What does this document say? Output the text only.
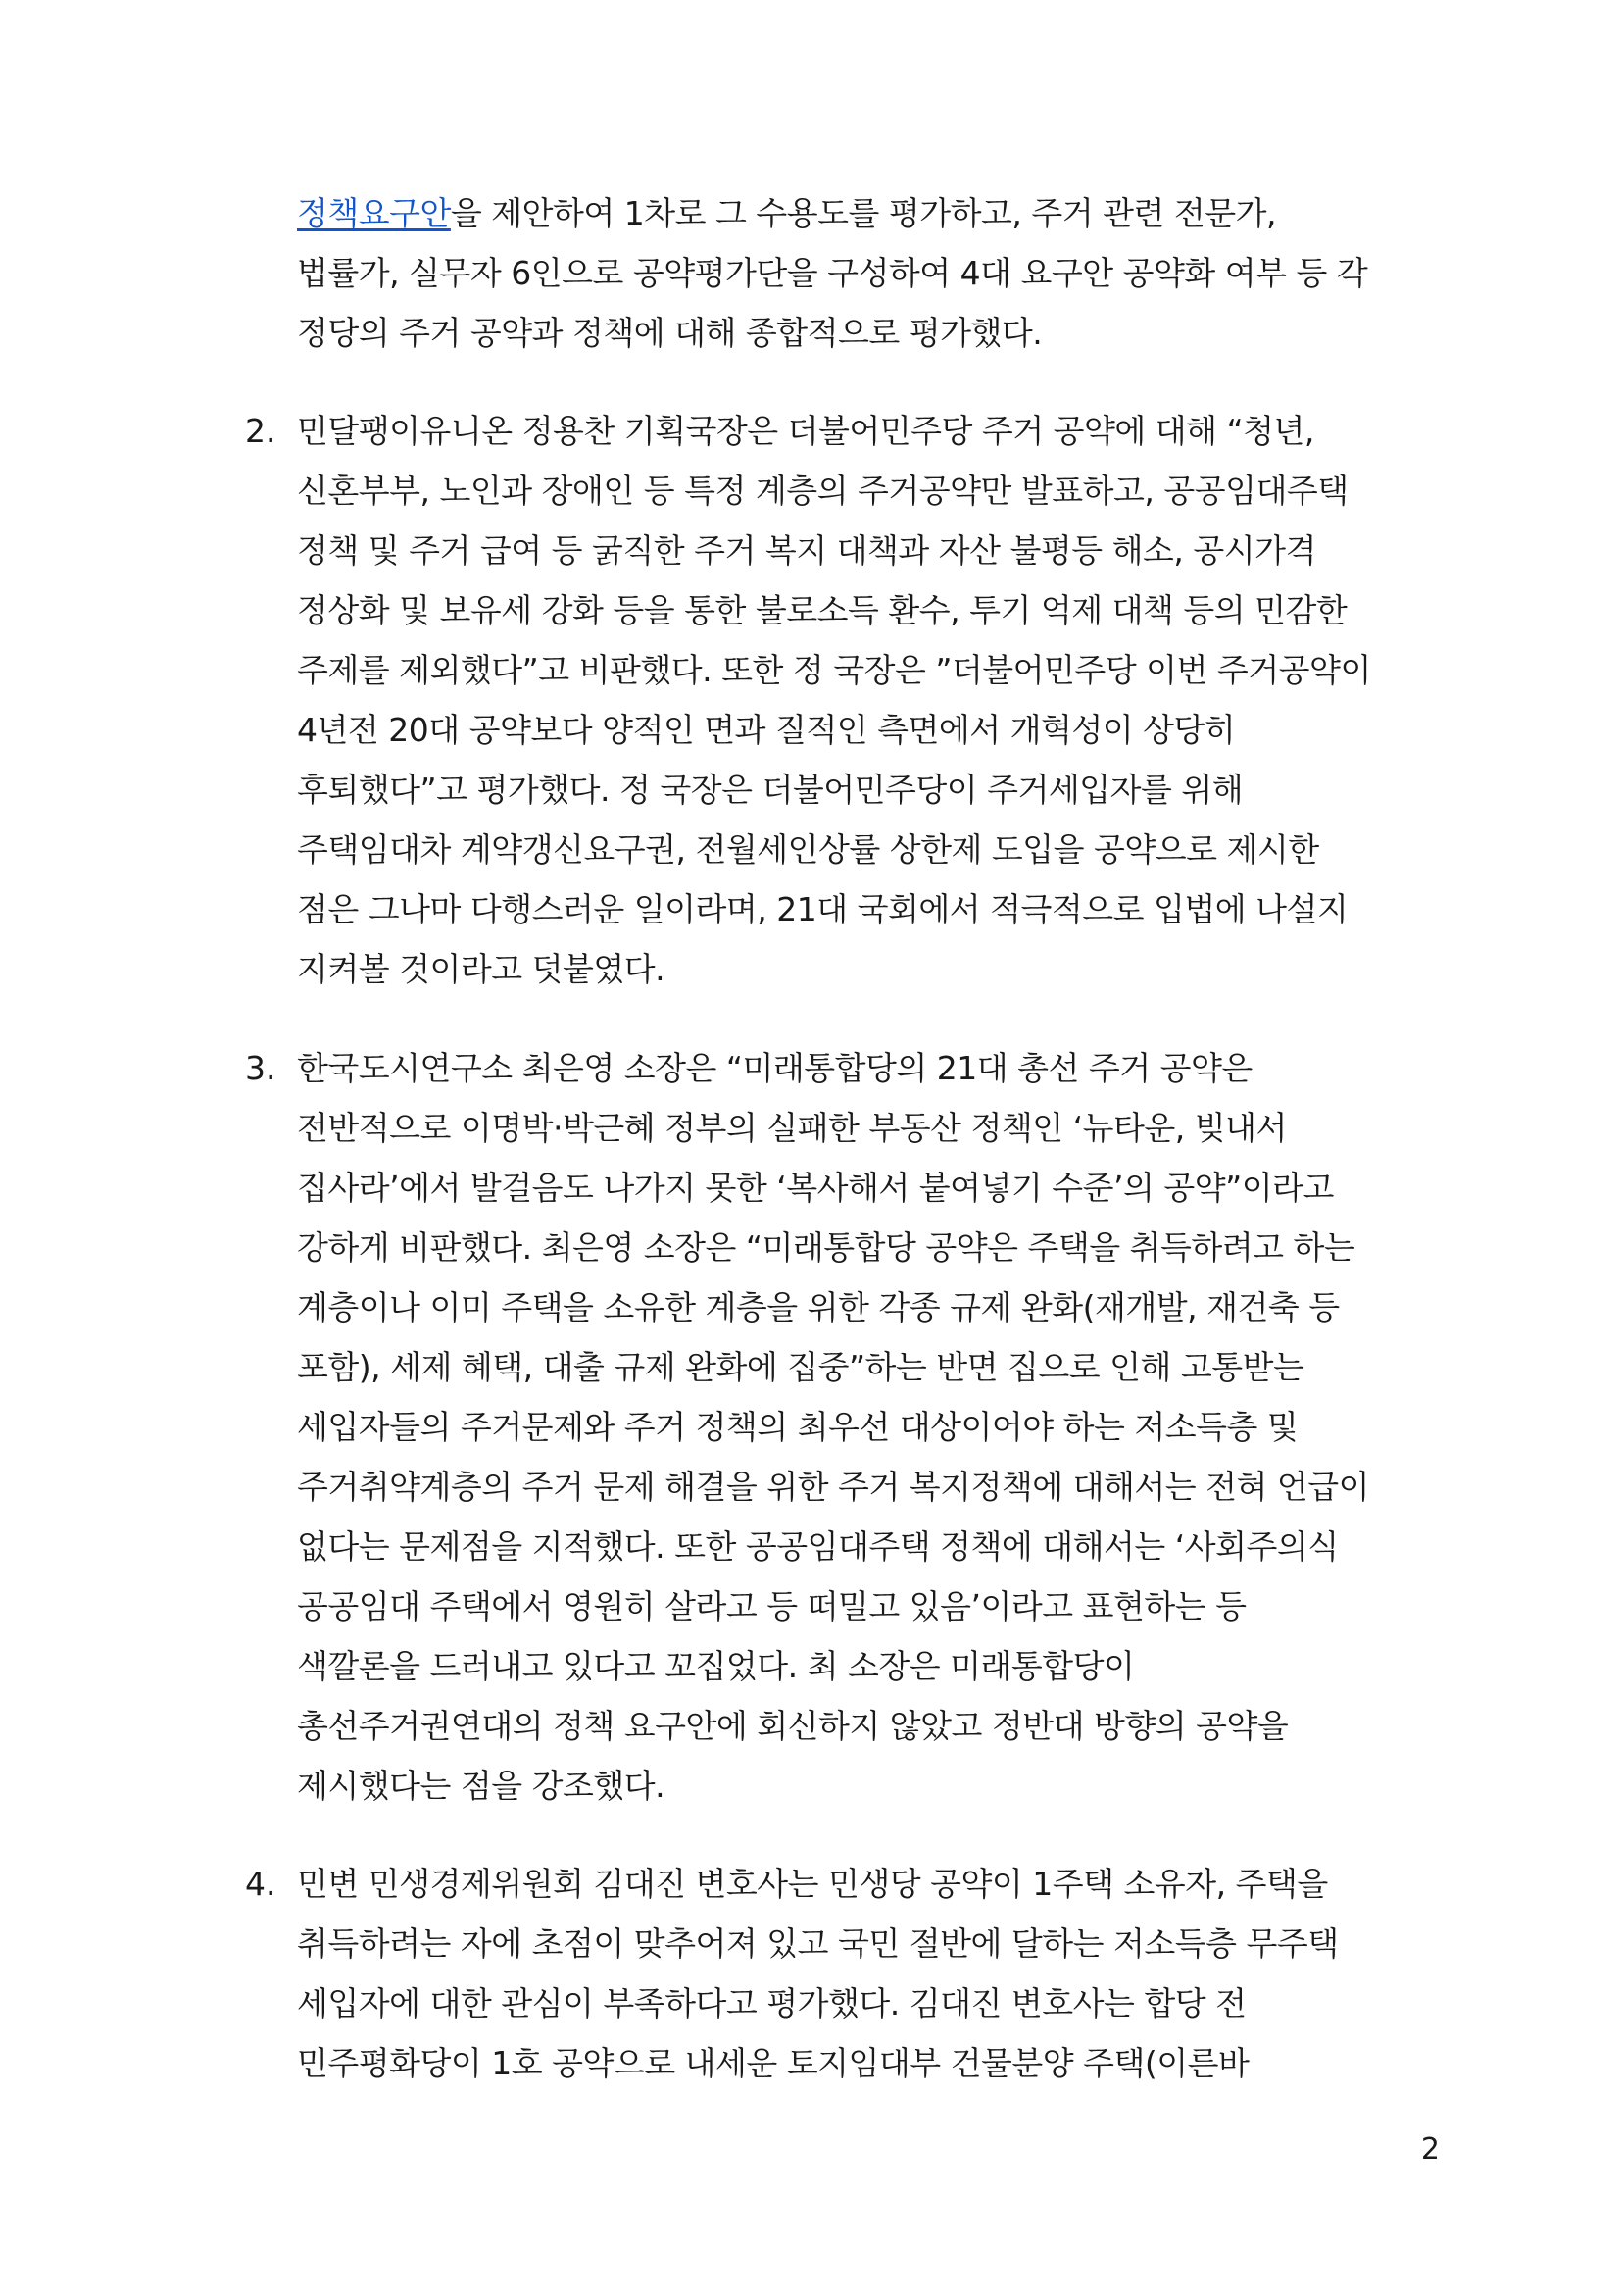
정책요구안을 제안하여 1차로 그 수용도를 평가하고, 주거 관련 전문가,
법률가, 실무자 6인으로 공약평가단을 구성하여 4대 요구안 공약화 여부 등 각
정당의 주거 공약과 정책에 대해 종합적으로 평가했다.
2. 민달팽이유니온 정용찬 기획국장은 더불어민주당 주거 공약에 대해 “청년,
신혼부부, 노인과 장애인 등 특정 계층의 주거공약만 발표하고, 공공임대주택
정책 및 주거 급여 등 굵직한 주거 복지 대책과 자산 불평등 해소, 공시가격
정상화 및 보유세 강화 등을 통한 불로소득 환수, 투기 억제 대책 등의 민감한
주제를 제외했다”고 비판했다. 또한 정 국장은 ”더불어민주당 이번 주거공약이
4년전 20대 공약보다 양적인 면과 질적인 측면에서 개혁성이 상당히
후퇴했다”고 평가했다. 정 국장은 더불어민주당이 주거세입자를 위해
주택임대차 계약갱신요구권, 전월세인상률 상한제 도입을 공약으로 제시한
점은 그나마 다행스러운 일이라며, 21대 국회에서 적극적으로 입법에 나설지
지켜볼 것이라고 덧붙였다.
3. 한국도시연구소 최은영 소장은 “미래통합당의 21대 총선 주거 공약은
전반적으로 이명박·박근혜 정부의 실패한 부동산 정책인 ‘뉴타운, 빚내서
집사라’에서 발걸음도 나가지 못한 ‘복사해서 붙여넣기 수준’의 공약”이라고
강하게 비판했다. 최은영 소장은 “미래통합당 공약은 주택을 취득하려고 하는
계층이나 이미 주택을 소유한 계층을 위한 각종 규제 완화(재개발, 재건축 등
포함), 세제 혜택, 대출 규제 완화에 집중”하는 반면 집으로 인해 고통받는
세입자들의 주거문제와 주거 정책의 최우선 대상이어야 하는 저소득층 및
주거취약계층의 주거 문제 해결을 위한 주거 복지정책에 대해서는 전혀 언급이
없다는 문제점을 지적했다. 또한 공공임대주택 정책에 대해서는 ‘사회주의식
공공임대 주택에서 영원히 살라고 등 떠밀고 있음’이라고 표현하는 등
색깔론을 드러내고 있다고 꼬집었다. 최 소장은 미래통합당이
총선주거권연대의 정책 요구안에 회신하지 않았고 정반대 방향의 공약을
제시했다는 점을 강조했다.
4. 민변 민생경제위원회 김대진 변호사는 민생당 공약이 1주택 소유자, 주택을
취득하려는 자에 초점이 맞추어져 있고 국민 절반에 달하는 저소득층 무주택
세입자에 대한 관심이 부족하다고 평가했다. 김대진 변호사는 합당 전
민주평화당이 1호 공약으로 내세운 토지임대부 건물분양 주택(이른바
2
